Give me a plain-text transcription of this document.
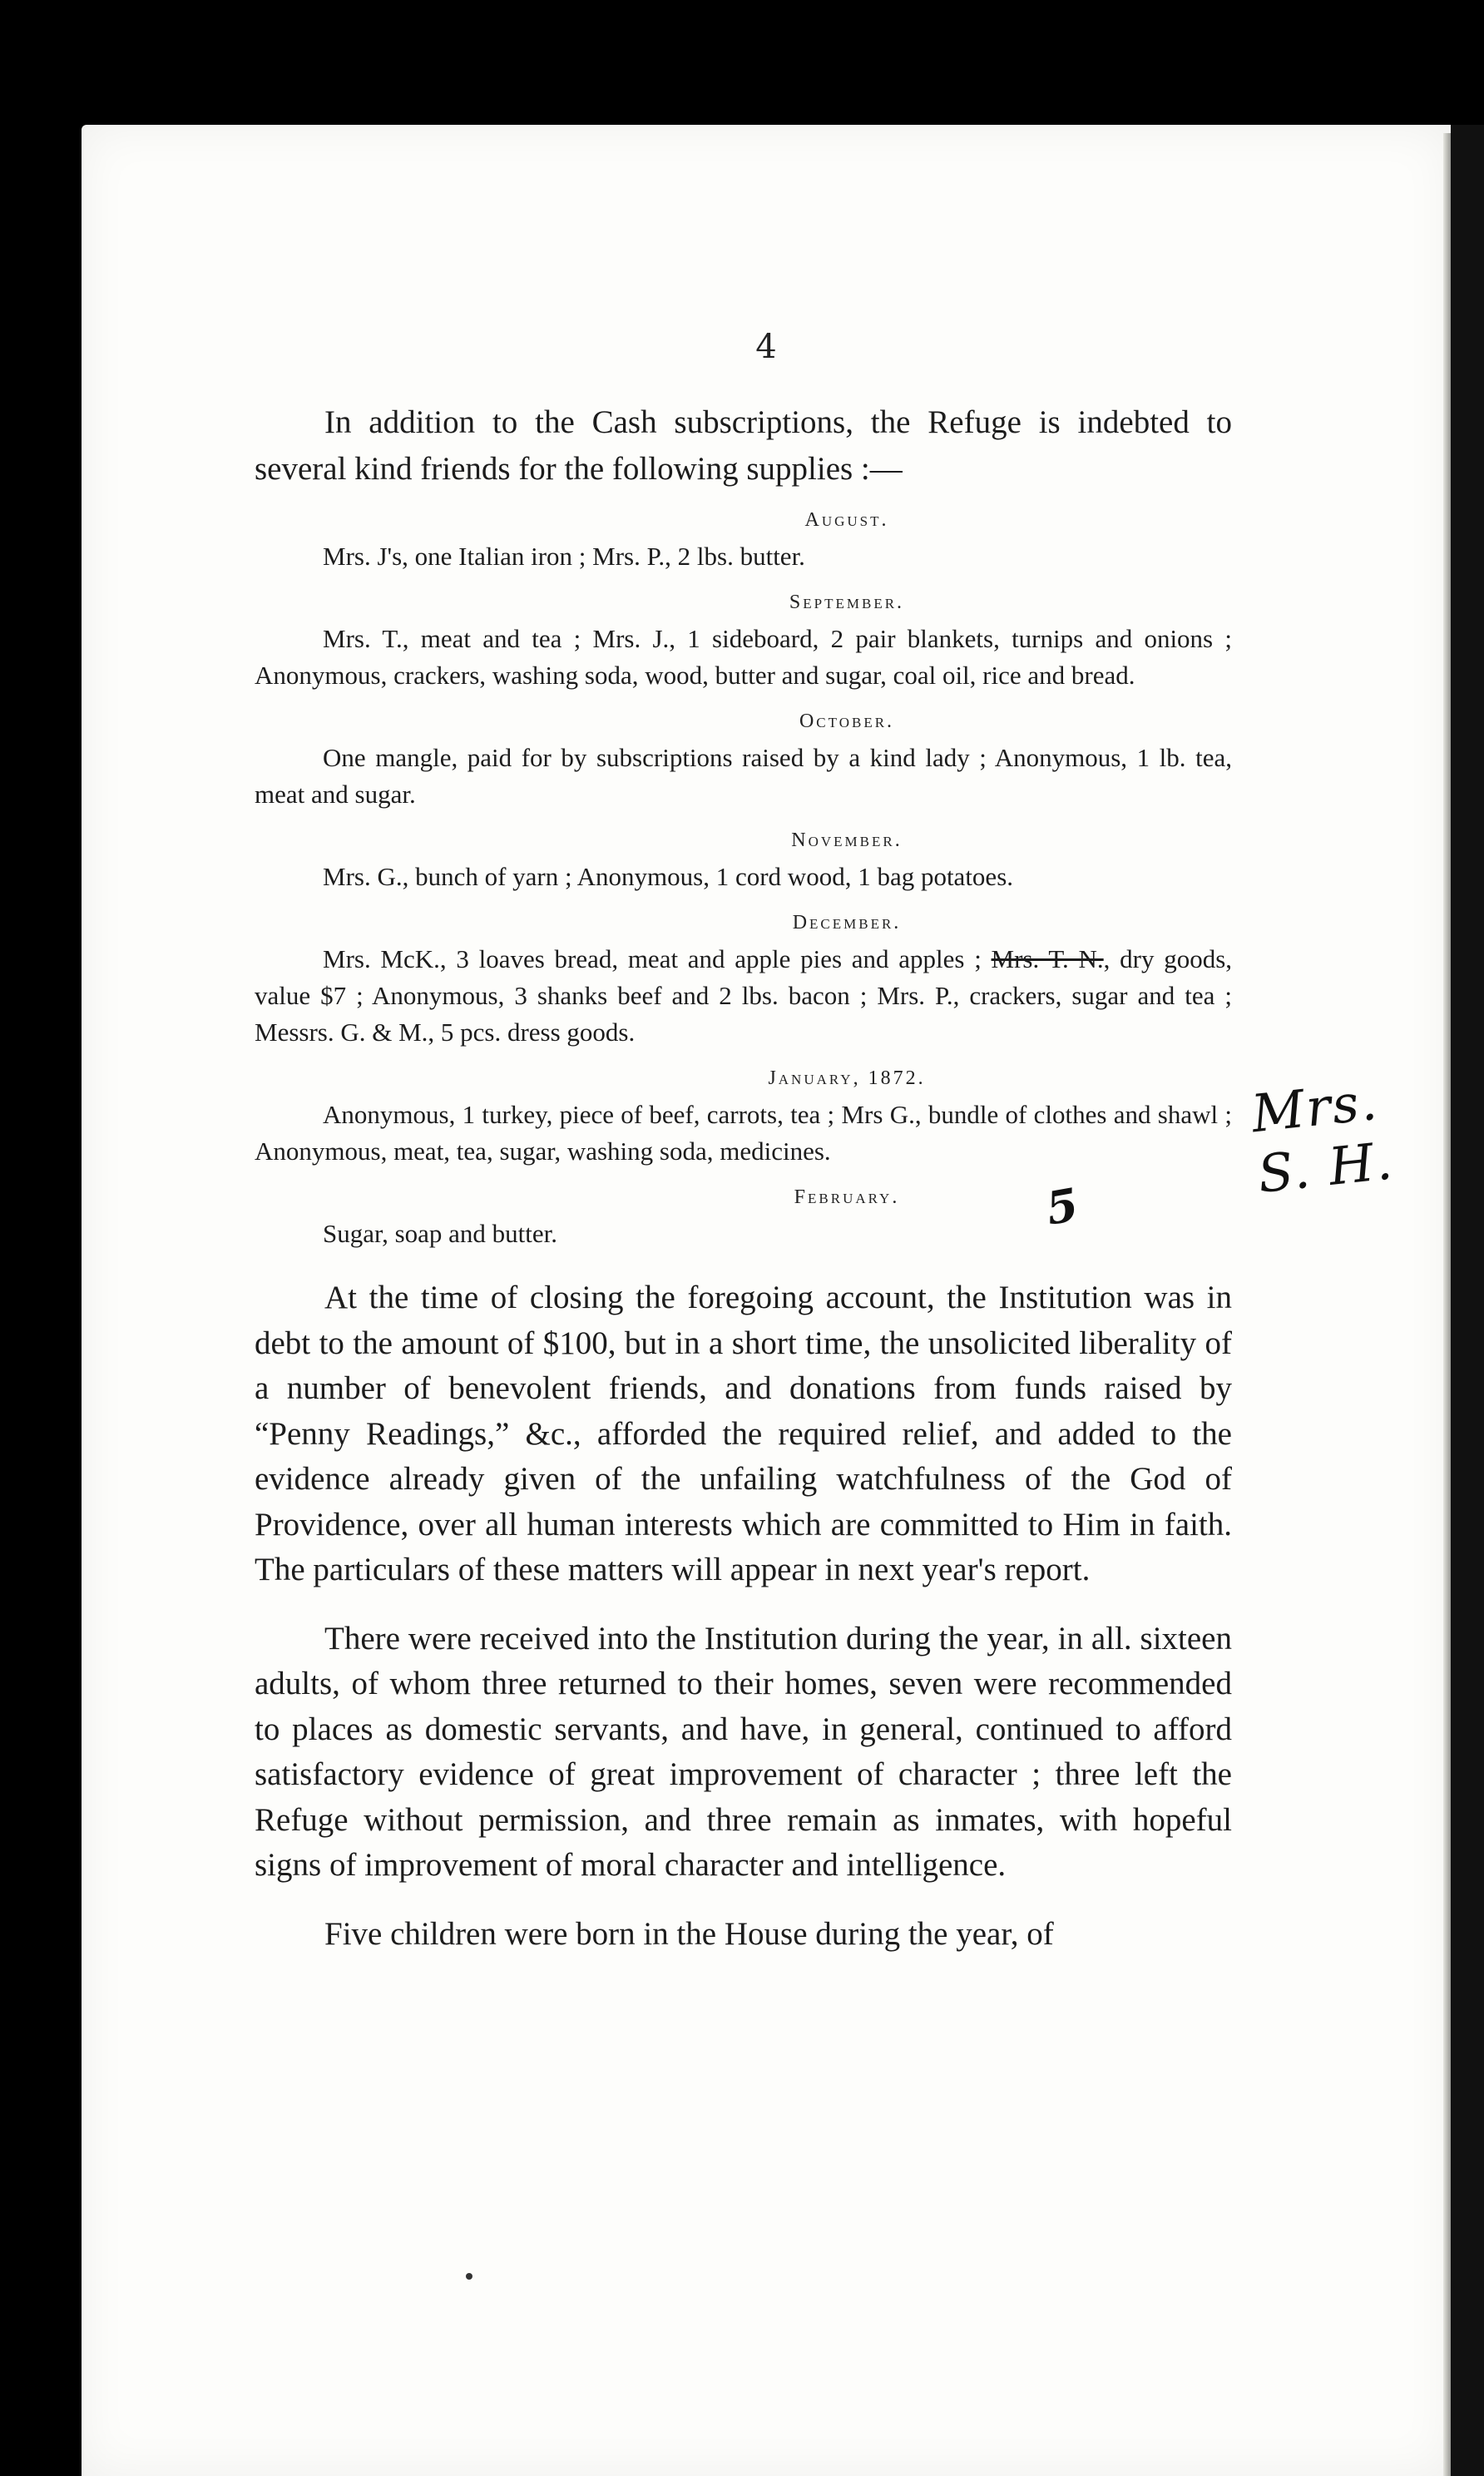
4

In addition to the Cash subscriptions, the Refuge is indebted to several kind friends for the following supplies :—

August.

Mrs. J's, one Italian iron ; Mrs. P., 2 lbs. butter.

September.

Mrs. T., meat and tea ; Mrs. J., 1 sideboard, 2 pair blankets, turnips and onions ; Anonymous, crackers, washing soda, wood, butter and sugar, coal oil, rice and bread.

October.

One mangle, paid for by subscriptions raised by a kind lady ; Anonymous, 1 lb. tea, meat and sugar.

November.

Mrs. G., bunch of yarn ; Anonymous, 1 cord wood, 1 bag potatoes.

December.

Mrs. McK., 3 loaves bread, meat and apple pies and apples ; Mrs. T. N., dry goods, value $7 ; Anonymous, 3 shanks beef and 2 lbs. bacon ; Mrs. P., crackers, sugar and tea ; Messrs. G. & M., 5 pcs. dress goods.

January, 1872.

Anonymous, 1 turkey, piece of beef, carrots, tea ; Mrs G., bundle of clothes and shawl ; Anonymous, meat, tea, sugar, washing soda, medicines.

February.

Sugar, soap and butter.

At the time of closing the foregoing account, the Institution was in debt to the amount of $100, but in a short time, the unsolicited liberality of a number of benevolent friends, and donations from funds raised by “Penny Readings,” &c., afforded the required relief, and added to the evidence already given of the unfailing watchfulness of the God of Providence, over all human interests which are committed to Him in faith. The particulars of these matters will appear in next year's report.

There were received into the Institution during the year, in all. sixteen adults, of whom three returned to their homes, seven were recommended to places as domestic servants, and have, in general, continued to afford satisfactory evidence of great improvement of character ; three left the Refuge without permission, and three remain as inmates, with hopeful signs of improvement of moral character and intelligence.

Five children were born in the House during the year, of

Mrs. S. H.
5
